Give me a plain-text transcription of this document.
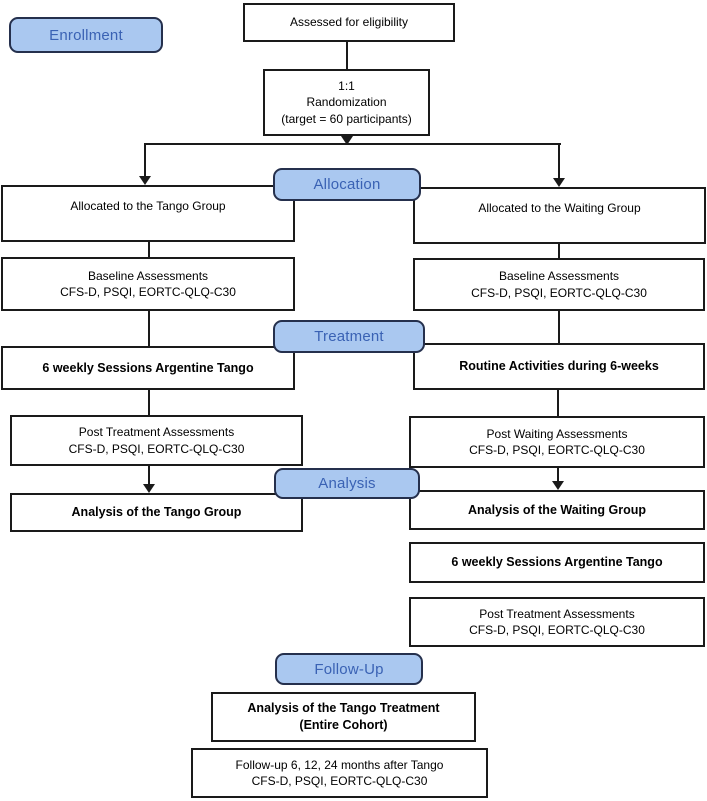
Enrollment
Allocation
Treatment
Analysis
Follow-Up
Assessed for eligibility
1:1
Randomization
(target = 60 participants)
Allocated to the Tango Group	Allocated to the Waiting Group
Baseline Assessments
CFS-D, PSQI, EORTC-QLQ-C30
Baseline Assessments
CFS-D, PSQI, EORTC-QLQ-C30
6 weekly Sessions Argentine Tango	Routine Activities during 6-weeks
Post Treatment Assessments
CFS-D, PSQI, EORTC-QLQ-C30
Post Waiting Assessments
CFS-D, PSQI, EORTC-QLQ-C30
Analysis of the Tango Group	Analysis of the Waiting Group
6 weekly Sessions Argentine Tango
Post Treatment Assessments
CFS-D, PSQI, EORTC-QLQ-C30
Analysis of the Tango Treatment
(Entire Cohort)
Follow-up 6, 12, 24 months after Tango
CFS-D, PSQI, EORTC-QLQ-C30
